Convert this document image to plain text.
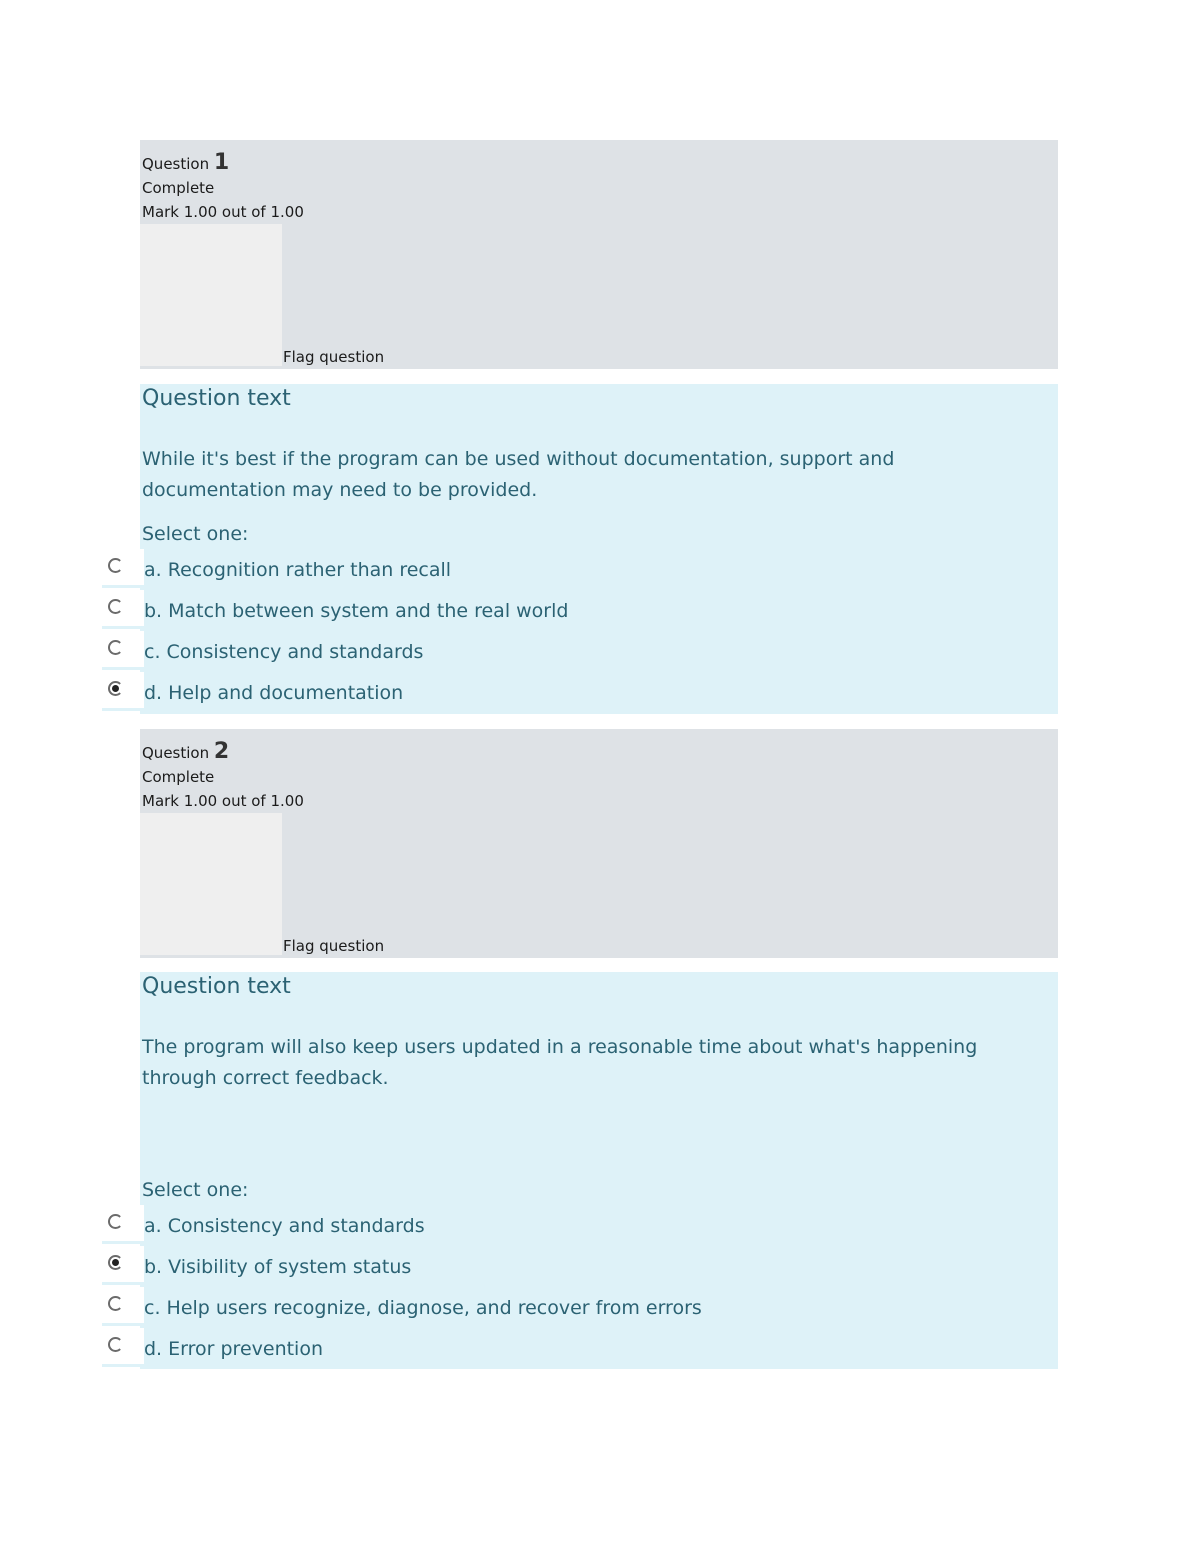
Question 1
Complete
Mark 1.00 out of 1.00
Flag question
Question text
While it's best if the program can be used without documentation, support and documentation may need to be provided.
Select one:
a. Recognition rather than recall
b. Match between system and the real world
c. Consistency and standards
d. Help and documentation
Question 2
Complete
Mark 1.00 out of 1.00
Flag question
Question text
The program will also keep users updated in a reasonable time about what's happening through correct feedback.
Select one:
a. Consistency and standards
b. Visibility of system status
c. Help users recognize, diagnose, and recover from errors
d. Error prevention
